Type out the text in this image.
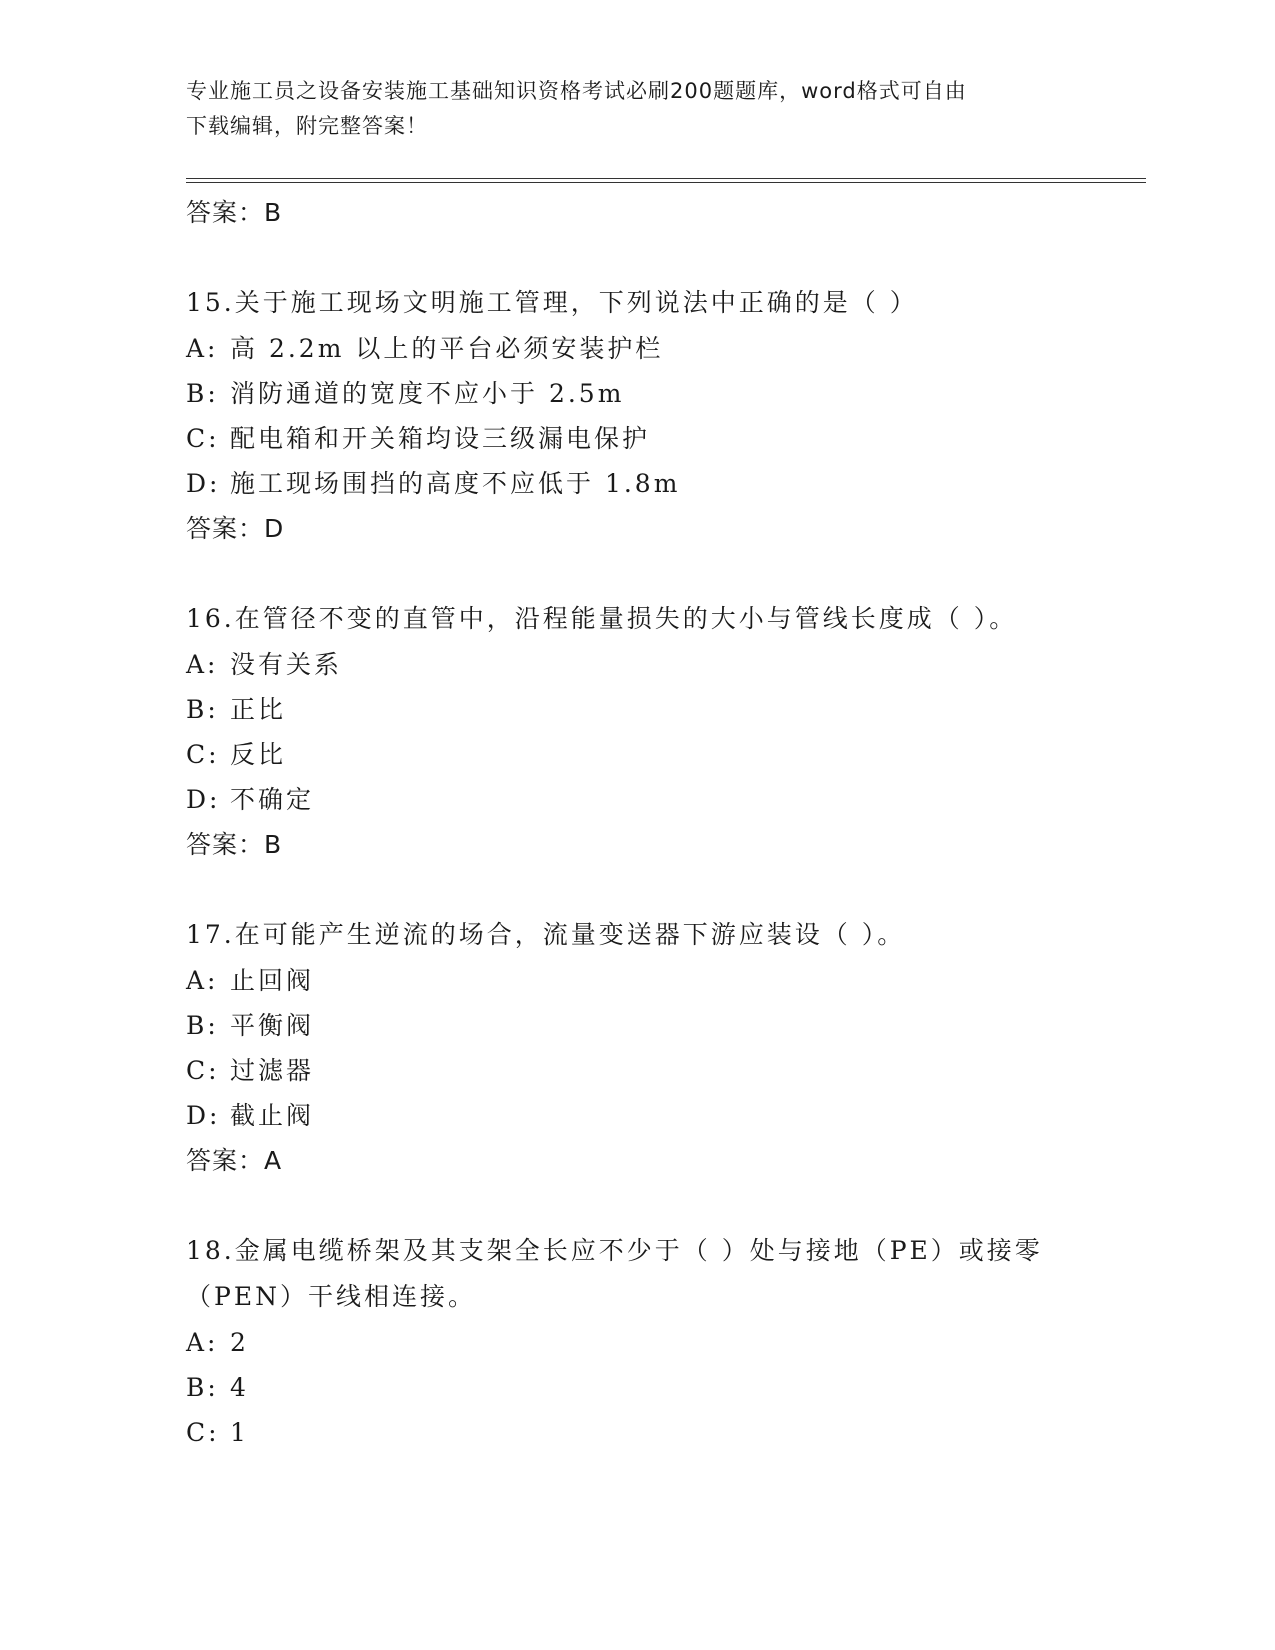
专业施工员之设备安装施工基础知识资格考试必刷200题题库，word格式可自由
下载编辑，附完整答案！
答案：B
15.关于施工现场文明施工管理，下列说法中正确的是（ ）
A: 高 2.2m 以上的平台必须安装护栏
B: 消防通道的宽度不应小于 2.5m
C: 配电箱和开关箱均设三级漏电保护
D: 施工现场围挡的高度不应低于 1.8m
答案：D
16.在管径不变的直管中，沿程能量损失的大小与管线长度成（ ）。
A: 没有关系
B: 正比
C: 反比
D: 不确定
答案：B
17.在可能产生逆流的场合，流量变送器下游应装设（ ）。
A: 止回阀
B: 平衡阀
C: 过滤器
D: 截止阀
答案：A
18.金属电缆桥架及其支架全长应不少于（ ）处与接地（PE）或接零（PEN）干线相连接。
A: 2
B: 4
C: 1
